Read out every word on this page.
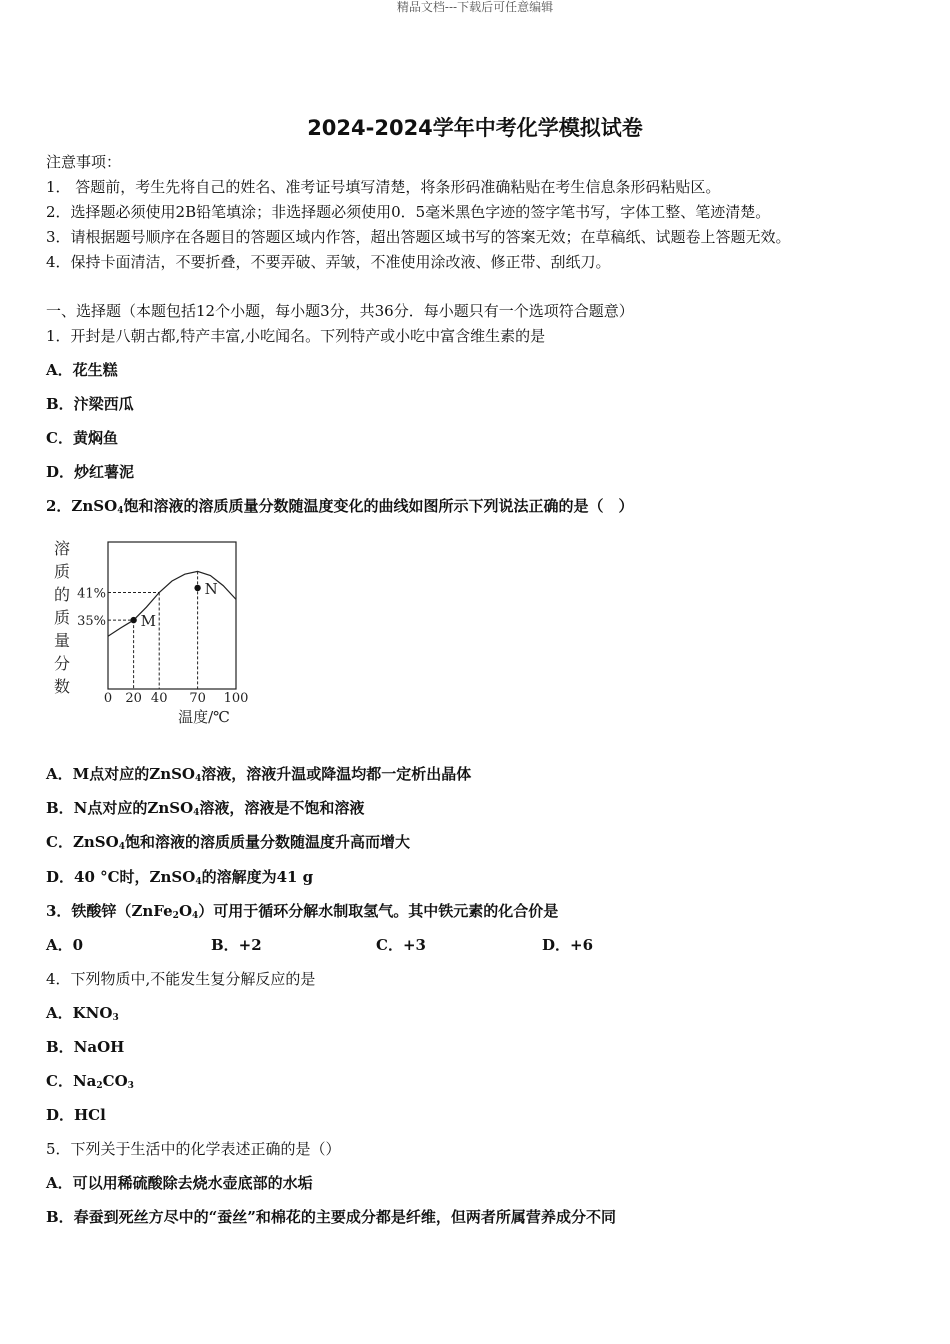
精品文档---下载后可任意编辑
2024-2024学年中考化学模拟试卷
注意事项：
1． 答题前，考生先将自己的姓名、准考证号填写清楚，将条形码准确粘贴在考生信息条形码粘贴区。
2．选择题必须使用2B铅笔填涂；非选择题必须使用0．5毫米黑色字迹的签字笔书写，字体工整、笔迹清楚。
3．请根据题号顺序在各题目的答题区域内作答，超出答题区域书写的答案无效；在草稿纸、试题卷上答题无效。
4．保持卡面清洁，不要折叠，不要弄破、弄皱，不准使用涂改液、修正带、刮纸刀。
一、选择题（本题包括12个小题，每小题3分，共36分．每小题只有一个选项符合题意）
1．开封是八朝古都,特产丰富,小吃闻名。下列特产或小吃中富含维生素的是
A．花生糕
B．汴梁西瓜
C．黄焖鱼
D．炒红薯泥
2．ZnSO$_4$饱和溶液的溶质质量分数随温度变化的曲线如图所示下列说法正确的是（　）
溶
质
的
质
量
分
数
0 20 40 70 100
41%
35% M
N
温度/℃
A．M点对应的ZnSO$_4$溶液，溶液升温或降温均都一定析出晶体
B．N点对应的ZnSO$_4$溶液，溶液是不饱和溶液
C．ZnSO$_4$饱和溶液的溶质质量分数随温度升高而增大
D．40 °C时，ZnSO$_4$的溶解度为41 g
3．铁酸锌$(ZnFe_2O_4)$可用于循环分解水制取氢气。其中铁元素的化合价是
A．0	B．+2	C．+3	D．+6
4．下列物质中,不能发生复分解反应的是
A．$KNO_3$
B．NaOH
C．$Na_2CO_3$
D．HCl
5．下列关于生活中的化学表述正确的是（）
A．可以用稀硫酸除去烧水壶底部的水垢
B．春蚕到死丝方尽中的“蚕丝”和棉花的主要成分都是纤维，但两者所属营养成分不同
